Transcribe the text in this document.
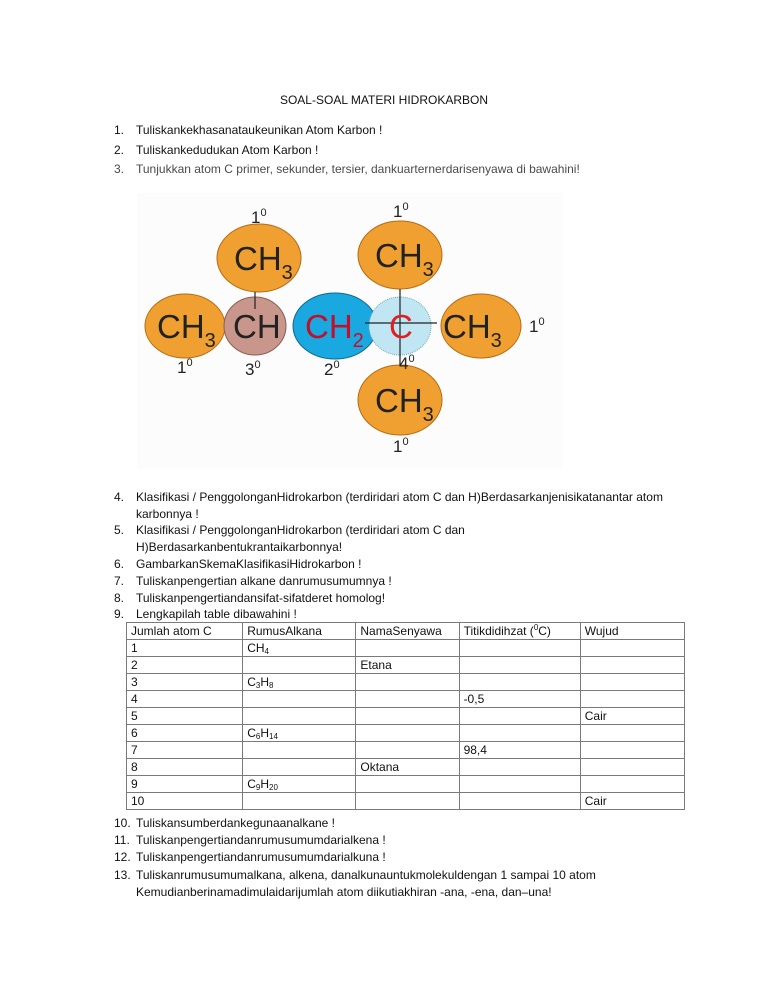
SOAL-SOAL MATERI HIDROKARBON
1. Tuliskankekhasanataukeunikan Atom Karbon !
2. Tuliskankedudukan Atom Karbon !
3. Tunjukkan atom C primer, sekunder, tersier, dankuarternerdarisenyawa di bawahini!
$CH_3$
$CH_3$
CH $CH_2$ C
$CH_3$
$CH_3$
$CH_3$
$1^0$	$1^0$
$1^0$
$1^0$	$3^0$	$2^0$	$4^0$
$1^0$
4. Klasifikasi / PenggolonganHidrokarbon (terdiridari atom C dan H)Berdasarkanjenisikatanantar atom karbonnya !
5. Klasifikasi / PenggolonganHidrokarbon (terdiridari atom C dan H)Berdasarkanbentukrantaikarbonnya!
6. GambarkanSkemaKlasifikasiHidrokarbon !
7. Tuliskanpengertian alkane danrumusumumnya !
8. Tuliskanpengertiandansifat-sifatderet homolog!
9. Lengkapilah table dibawahini !
Jumlah atom C	RumusAlkana	NamaSenyawa	Titikdidihzat ($^0$C)	Wujud
1	$CH_4$			
2		Etana		
3	$C_3H_8$			
4			-0,5	
5				Cair
6	$C_6H_{14}$			
7			98,4	
8		Oktana		
9	$C_9H_{20}$			
10				Cair
10. Tuliskansumberdankegunaanalkane !
11. Tuliskanpengertiandanrumusumumdarialkena !
12. Tuliskanpengertiandanrumusumumdarialkuna !
13. Tuliskanrumusumumalkana, alkena, danalkunauntukmolekuldengan 1 sampai 10 atom Kemudianberinamadimulaidarijumlah atom diikutiakhiran -ana, -ena, dan–una!
